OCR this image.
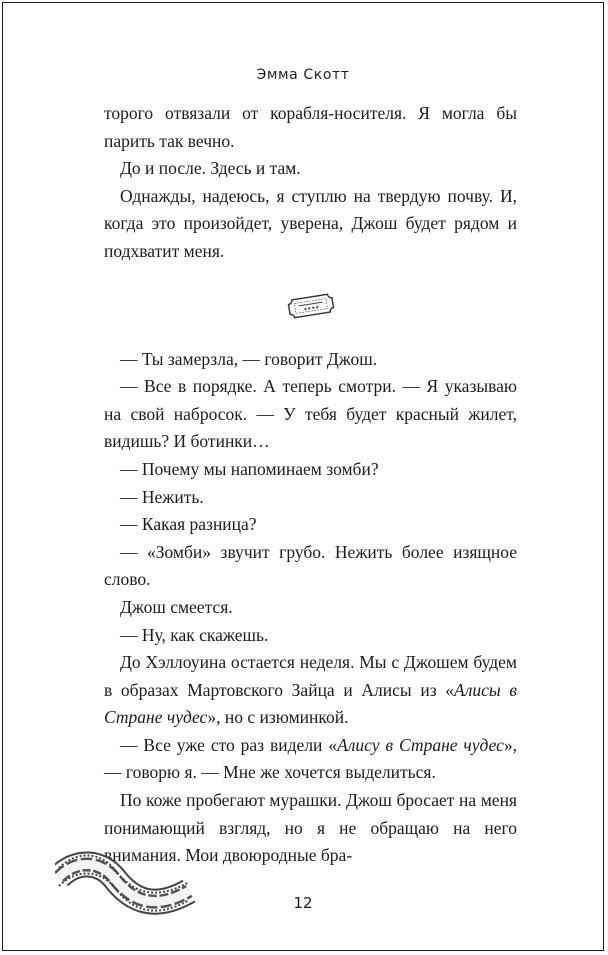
Эмма Скотт

торого отвязали от корабля-носителя. Я могла бы парить так вечно.

До и после. Здесь и там.

Однажды, надеюсь, я ступлю на твердую почву. И, когда это произойдет, уверена, Джош будет рядом и подхватит меня.

★★★★

— Ты замерзла, — говорит Джош.

— Все в порядке. А теперь смотри. — Я указываю на свой набросок. — У тебя будет красный жилет, видишь? И ботинки…

— Почему мы напоминаем зомби?

— Нежить.

— Какая разница?

— «Зомби» звучит грубо. Нежить более изящное слово.

Джош смеется.

— Ну, как скажешь.

До Хэллоуина остается неделя. Мы с Джошем будем в образах Мартовского Зайца и Алисы из «Алисы в Стране чудес», но с изюминкой.

— Все уже сто раз видели «Алису в Стране чудес», — говорю я. — Мне же хочется выделиться.

По коже пробегают мурашки. Джош бросает на меня понимающий взгляд, но я не обращаю на него внимания. Мои двоюродные бра-

12
